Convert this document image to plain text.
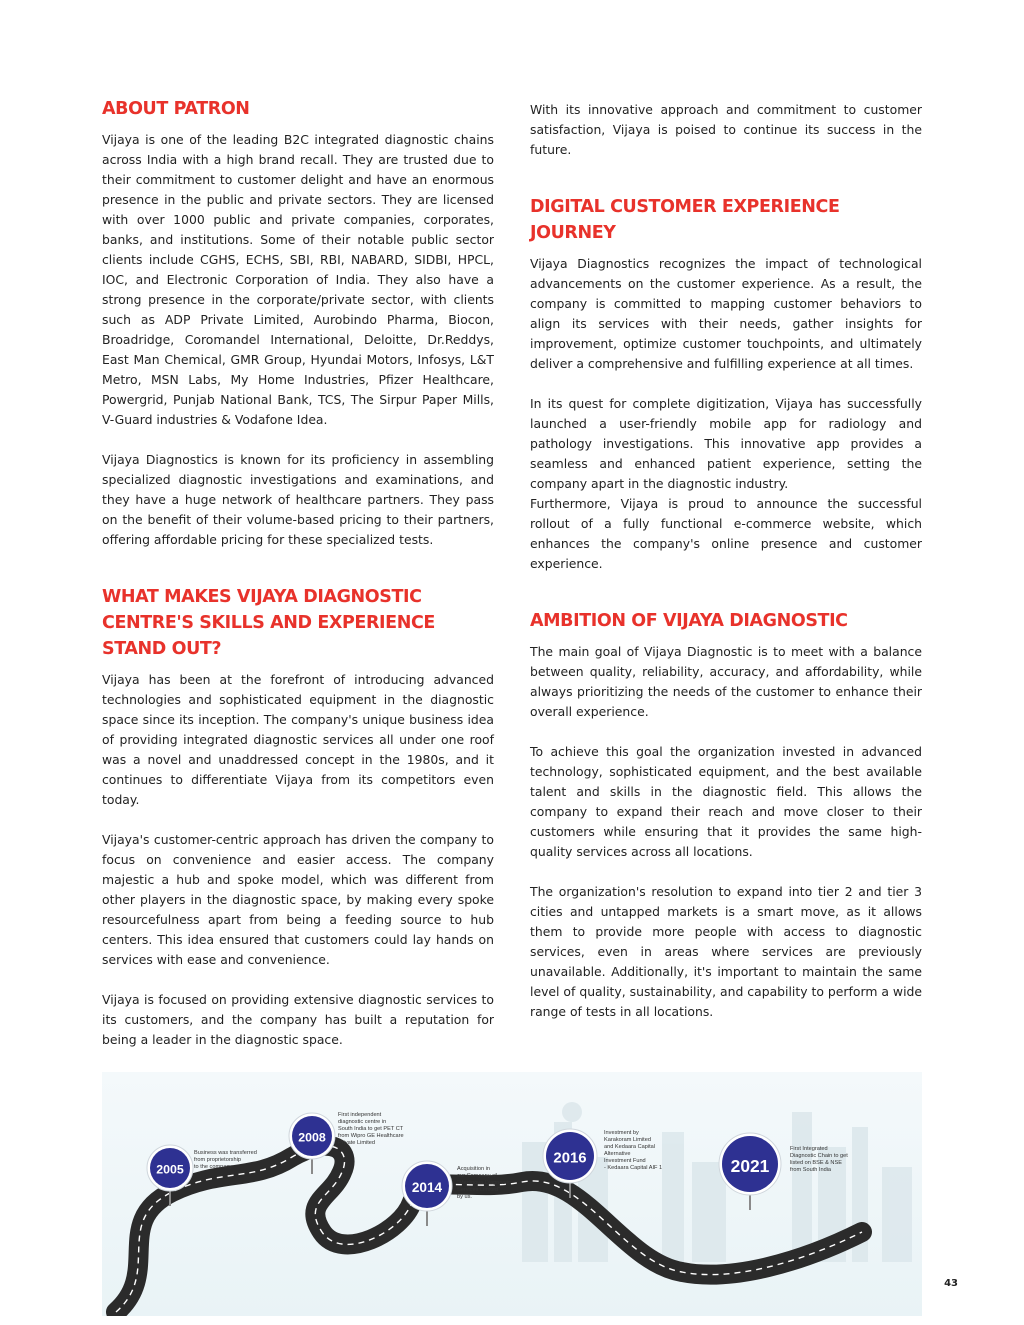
ABOUT PATRON

Vijaya is one of the leading B2C integrated diagnostic chains across India with a high brand recall. They are trusted due to their commitment to customer delight and have an enormous presence in the public and private sectors. They are licensed with over 1000 public and private companies, corporates, banks, and institutions. Some of their notable public sector clients include CGHS, ECHS, SBI, RBI, NABARD, SIDBI, HPCL, IOC, and Electronic Corporation of India. They also have a strong presence in the corporate/private sector, with clients such as ADP Private Limited, Aurobindo Pharma, Biocon, Broadridge, Coromandel International, Deloitte, Dr.Reddys, East Man Chemical, GMR Group, Hyundai Motors, Infosys, L&T Metro, MSN Labs, My Home Industries, Pfizer Healthcare, Powergrid, Punjab National Bank, TCS, The Sirpur Paper Mills, V-Guard industries & Vodafone Idea.

Vijaya Diagnostics is known for its proficiency in assembling specialized diagnostic investigations and examinations, and they have a huge network of healthcare partners. They pass on the benefit of their volume-based pricing to their partners, offering affordable pricing for these specialized tests.

WHAT MAKES VIJAYA DIAGNOSTIC CENTRE'S SKILLS AND EXPERIENCE STAND OUT?

Vijaya has been at the forefront of introducing advanced technologies and sophisticated equipment in the diagnostic space since its inception. The company's unique business idea of providing integrated diagnostic services all under one roof was a novel and unaddressed concept in the 1980s, and it continues to differentiate Vijaya from its competitors even today.

Vijaya's customer-centric approach has driven the company to focus on convenience and easier access. The company majestic a hub and spoke model, which was different from other players in the diagnostic space, by making every spoke resourcefulness apart from being a feeding source to hub centers. This idea ensured that customers could lay hands on services with ease and convenience.

Vijaya is focused on providing extensive diagnostic services to its customers, and the company has built a reputation for being a leader in the diagnostic space.

With its innovative approach and commitment to customer satisfaction, Vijaya is poised to continue its success in the future.

DIGITAL CUSTOMER EXPERIENCE JOURNEY

Vijaya Diagnostics recognizes the impact of technological advancements on the customer experience. As a result, the company is committed to mapping customer behaviors to align its services with their needs, gather insights for improvement, optimize customer touchpoints, and ultimately deliver a comprehensive and fulfilling experience at all times.

In its quest for complete digitization, Vijaya has successfully launched a user-friendly mobile app for radiology and pathology investigations. This innovative app provides a seamless and enhanced patient experience, setting the company apart in the diagnostic industry.

Furthermore, Vijaya is proud to announce the successful rollout of a fully functional e-commerce website, which enhances the company's online presence and customer experience.

AMBITION OF VIJAYA DIAGNOSTIC

The main goal of Vijaya Diagnostic is to meet with a balance between quality, reliability, accuracy, and affordability, while always prioritizing the needs of the customer to enhance their overall experience.

To achieve this goal the organization invested in advanced technology, sophisticated equipment, and the best available talent and skills in the diagnostic field. This allows the company to expand their reach and move closer to their customers while ensuring that it provides the same high-quality services across all locations.

The organization's resolution to expand into tier 2 and tier 3 cities and untapped markets is a smart move, as it allows them to provide more people with access to diagnostic services, even in areas where services are previously unavailable. Additionally, it's important to maintain the same level of quality, sustainability, and capability to perform a wide range of tests in all locations.

2005
Business was transferred from proprietorship to the company
2008
First independent diagnostic centre in South India to get PET CT from Wipro GE Healthcare Private Limited
2014
Acquisition in our Company of "Medinova Diagnostic Services Limited" by us.
2016
Investment by Karakoram Limited and Kedaara Capital Alternative Investment Fund - Kedaara Capital AIF 1	2021
First Integrated Diagnostic Chain to get listed on BSE & NSE from South India
43
